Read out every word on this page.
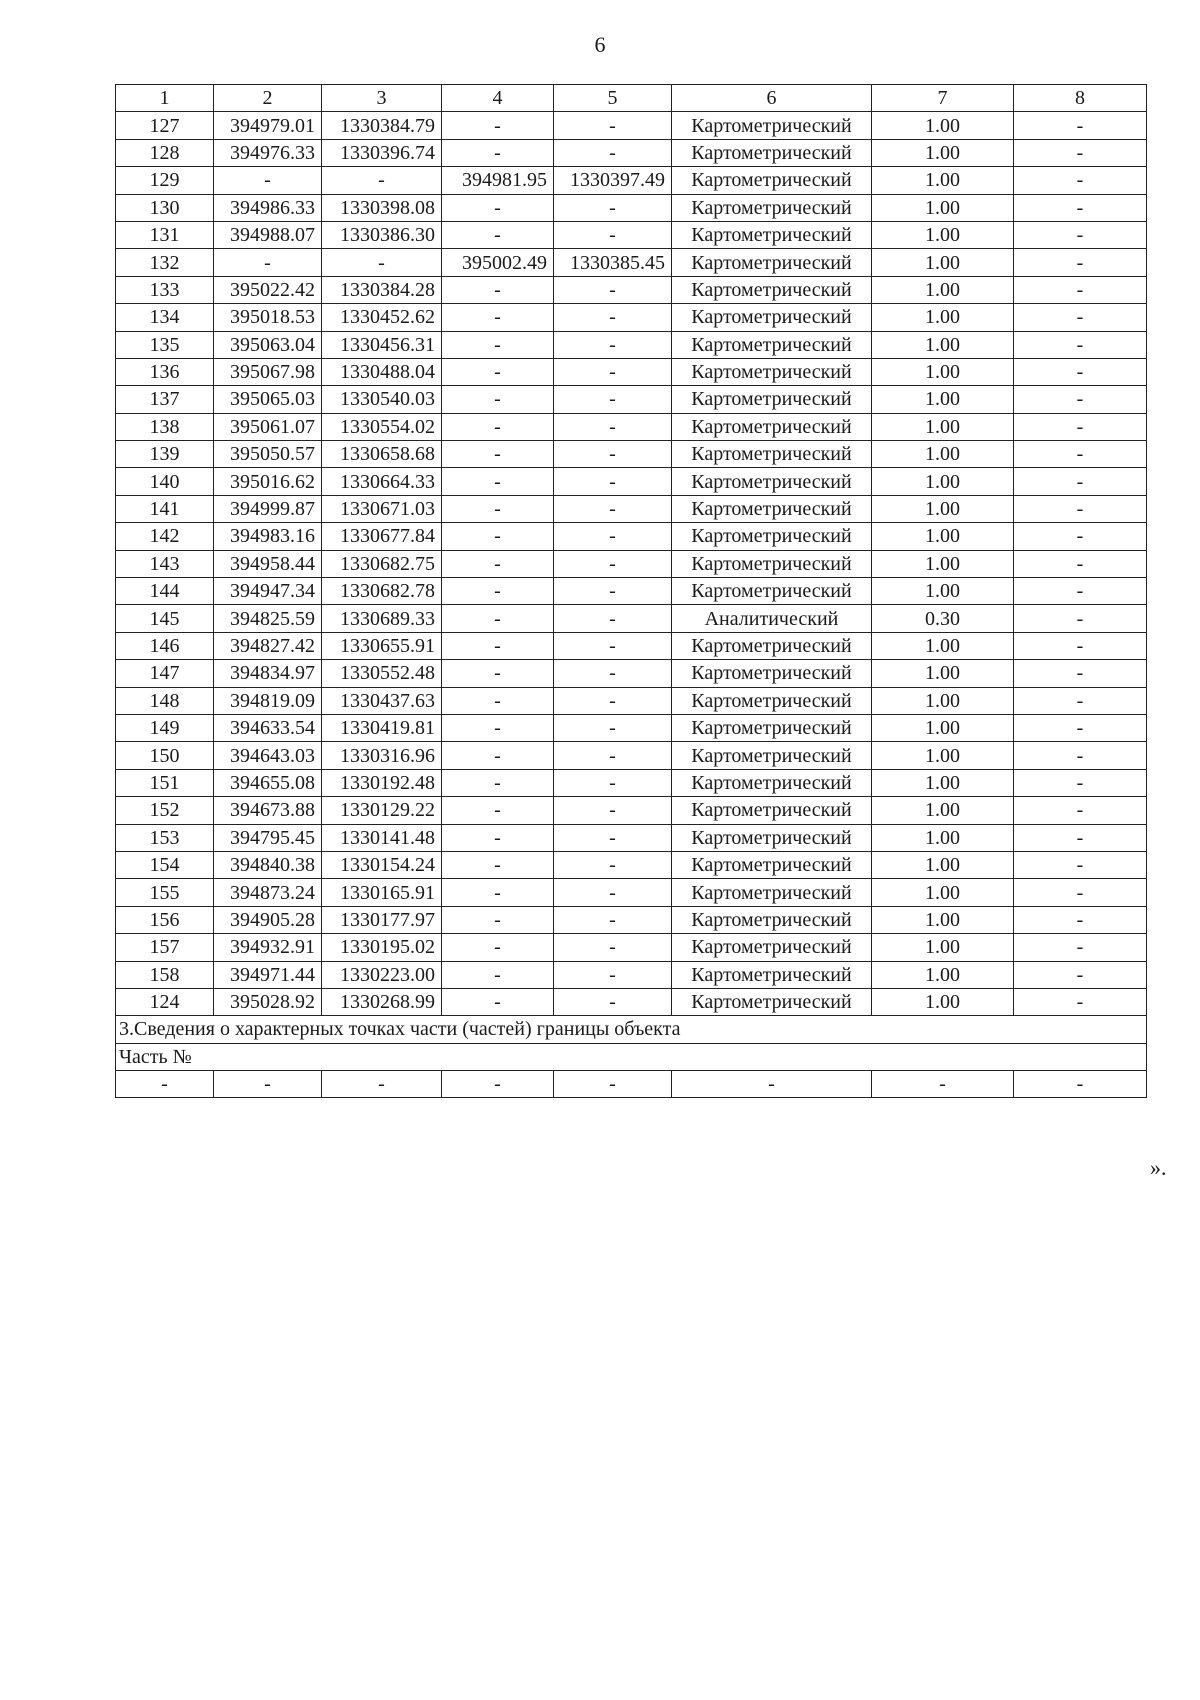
6
1	2	3	4	5	6	7	8
127	394979.01	1330384.79	-	-	Картометрический	1.00	-
128	394976.33	1330396.74	-	-	Картометрический	1.00	-
129	-	-	394981.95	1330397.49	Картометрический	1.00	-
130	394986.33	1330398.08	-	-	Картометрический	1.00	-
131	394988.07	1330386.30	-	-	Картометрический	1.00	-
132	-	-	395002.49	1330385.45	Картометрический	1.00	-
133	395022.42	1330384.28	-	-	Картометрический	1.00	-
134	395018.53	1330452.62	-	-	Картометрический	1.00	-
135	395063.04	1330456.31	-	-	Картометрический	1.00	-
136	395067.98	1330488.04	-	-	Картометрический	1.00	-
137	395065.03	1330540.03	-	-	Картометрический	1.00	-
138	395061.07	1330554.02	-	-	Картометрический	1.00	-
139	395050.57	1330658.68	-	-	Картометрический	1.00	-
140	395016.62	1330664.33	-	-	Картометрический	1.00	-
141	394999.87	1330671.03	-	-	Картометрический	1.00	-
142	394983.16	1330677.84	-	-	Картометрический	1.00	-
143	394958.44	1330682.75	-	-	Картометрический	1.00	-
144	394947.34	1330682.78	-	-	Картометрический	1.00	-
145	394825.59	1330689.33	-	-	Аналитический	0.30	-
146	394827.42	1330655.91	-	-	Картометрический	1.00	-
147	394834.97	1330552.48	-	-	Картометрический	1.00	-
148	394819.09	1330437.63	-	-	Картометрический	1.00	-
149	394633.54	1330419.81	-	-	Картометрический	1.00	-
150	394643.03	1330316.96	-	-	Картометрический	1.00	-
151	394655.08	1330192.48	-	-	Картометрический	1.00	-
152	394673.88	1330129.22	-	-	Картометрический	1.00	-
153	394795.45	1330141.48	-	-	Картометрический	1.00	-
154	394840.38	1330154.24	-	-	Картометрический	1.00	-
155	394873.24	1330165.91	-	-	Картометрический	1.00	-
156	394905.28	1330177.97	-	-	Картометрический	1.00	-
157	394932.91	1330195.02	-	-	Картометрический	1.00	-
158	394971.44	1330223.00	-	-	Картометрический	1.00	-
124	395028.92	1330268.99	-	-	Картометрический	1.00	-
3.Сведения о характерных точках части (частей) границы объекта							
Часть №							
-	-	-	-	-	-	-	-
».
